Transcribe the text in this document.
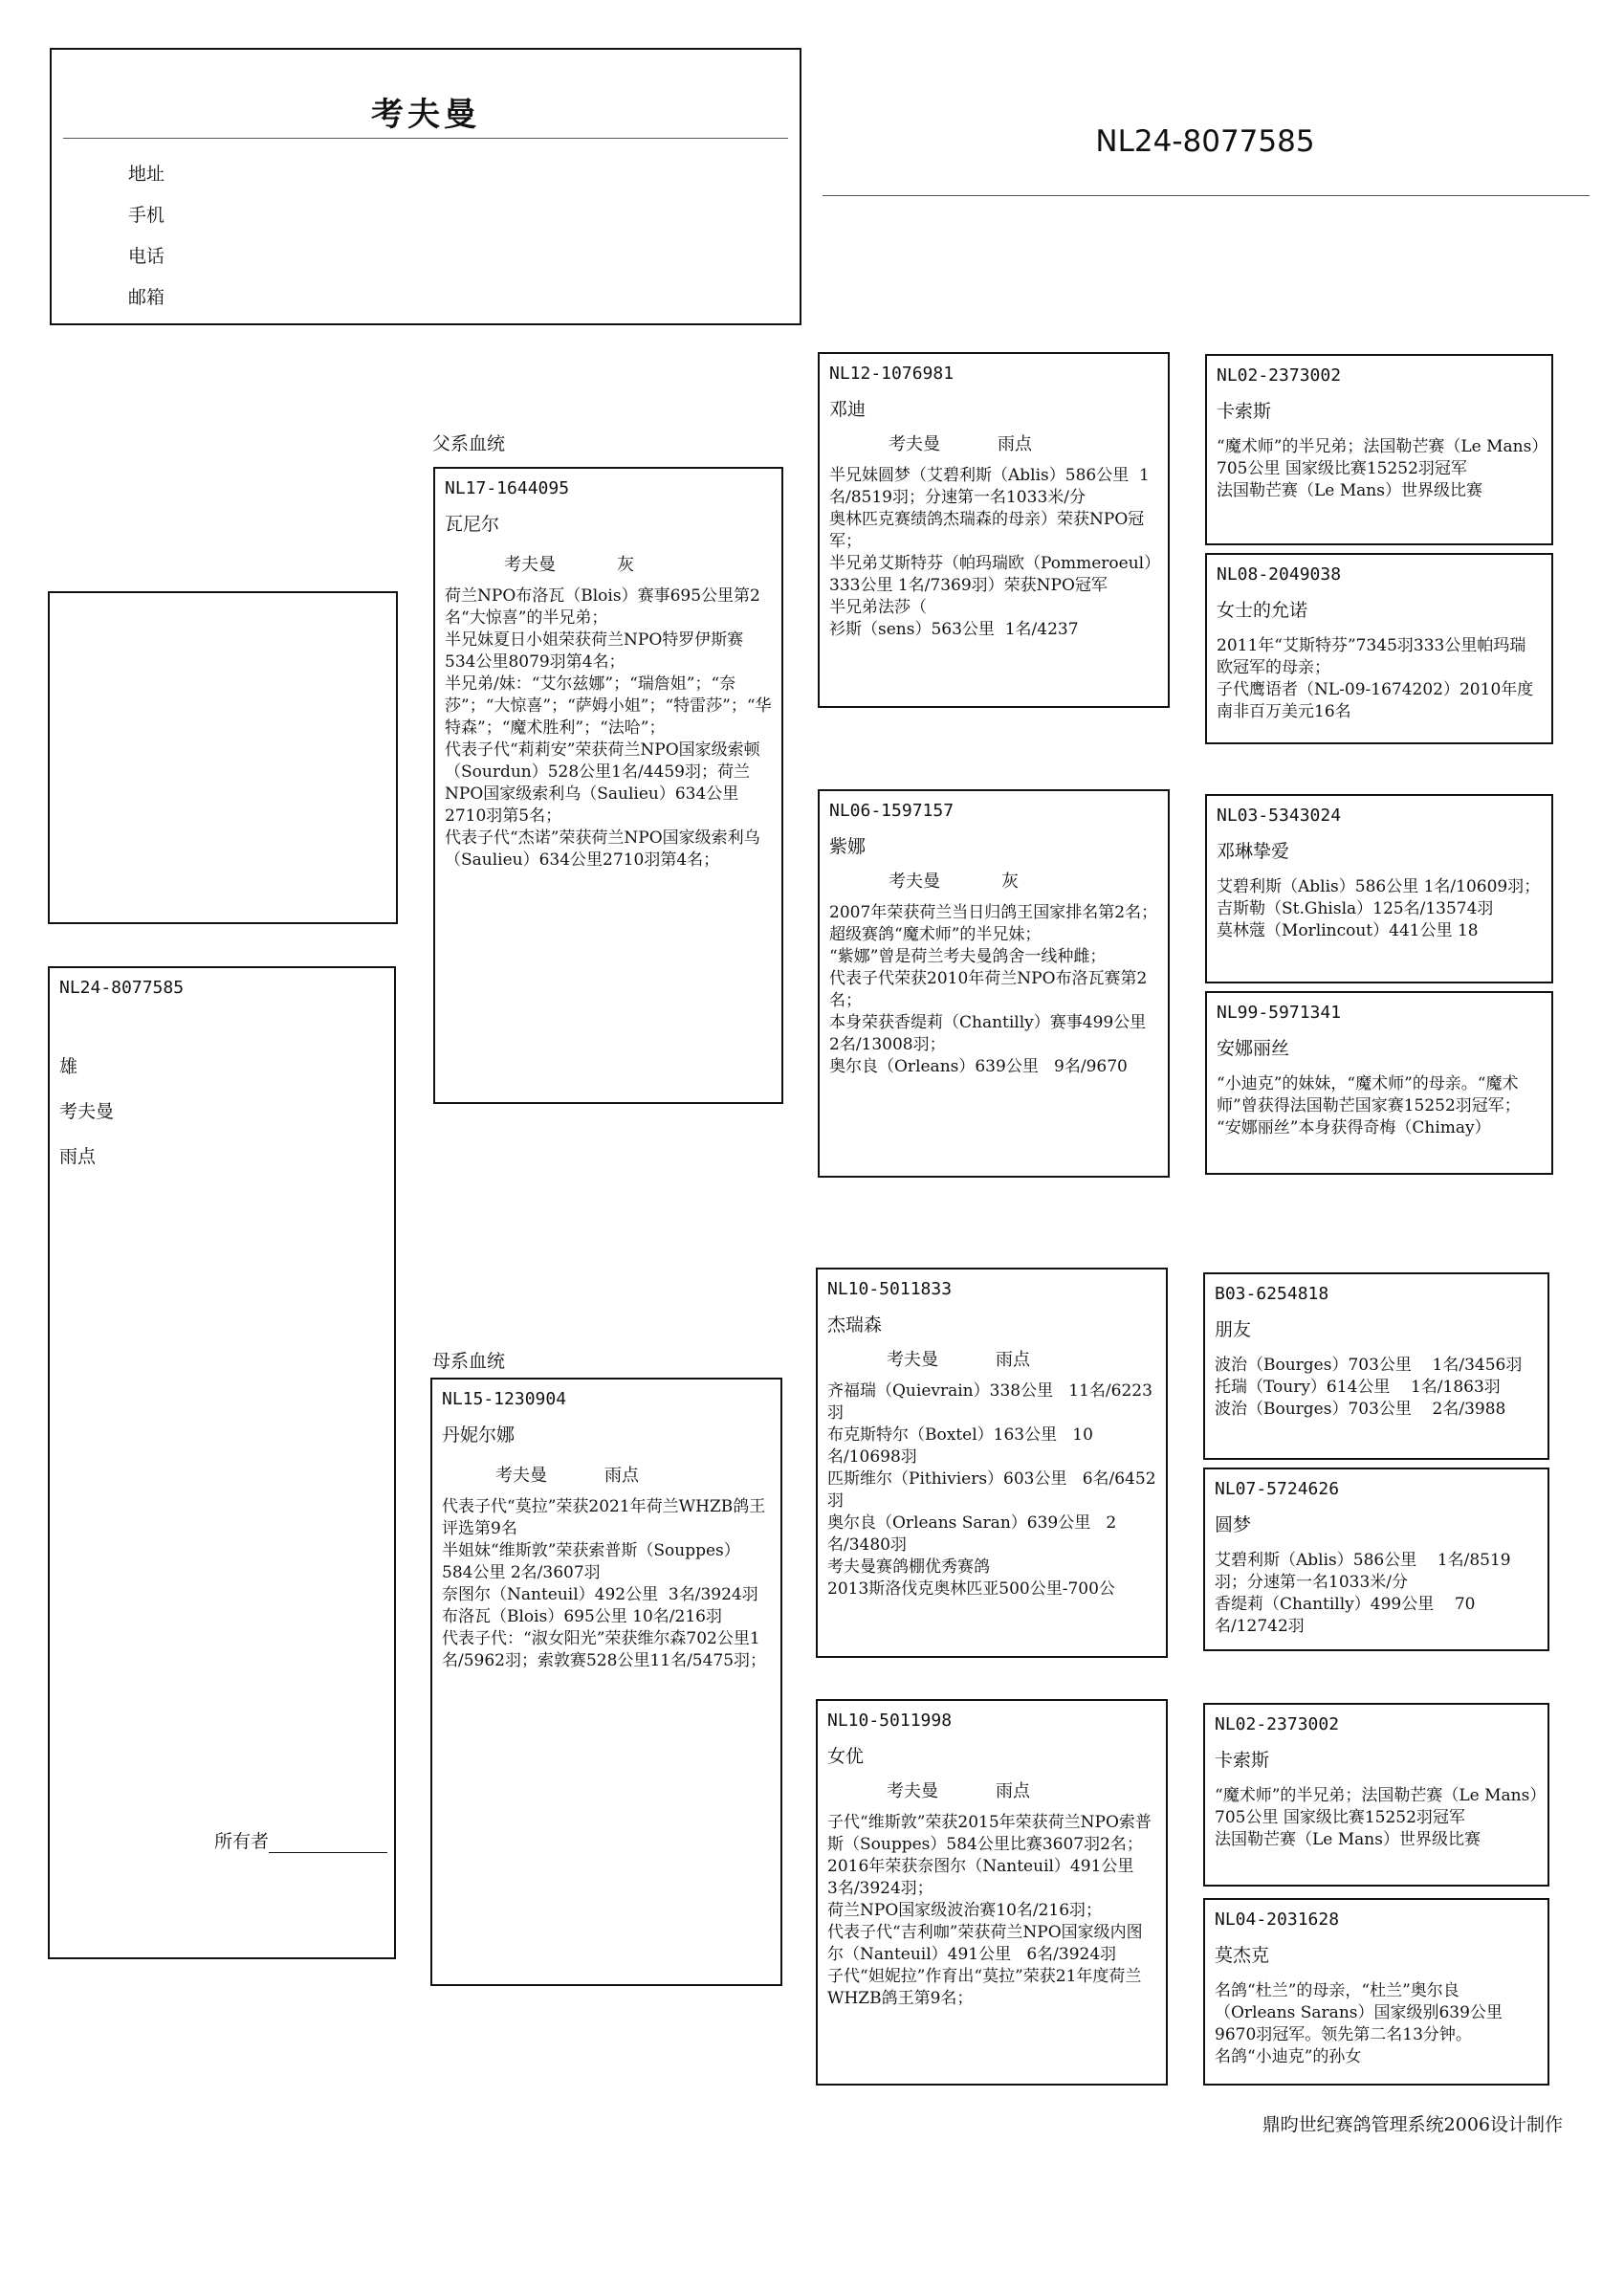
考夫曼
地址
手机
电话
邮箱
NL24-8077585
NL24-8077585
雄
考夫曼
雨点
所有者
父系血统
母系血统
NL17-1644095
瓦尼尔
考夫曼	灰

荷兰NPO布洛瓦（Blois）赛事695公里第2名“大惊喜”的半兄弟；
半兄妹夏日小姐荣获荷兰NPO特罗伊斯赛534公里8079羽第4名；
半兄弟/妹：“艾尔兹娜”；“瑞詹姐”；“奈莎”；“大惊喜”；“萨姆小姐”；“特雷莎”；“华特森”；“魔术胜利”；“法哈”；
代表子代“莉莉安”荣获荷兰NPO国家级索顿（Sourdun）528公里1名/4459羽；荷兰NPO国家级索利乌（Saulieu）634公里2710羽第5名；
代表子代“杰诺”荣获荷兰NPO国家级索利乌（Saulieu）634公里2710羽第4名；

NL15-1230904
丹妮尔娜
考夫曼	雨点

代表子代“莫拉”荣获2021年荷兰WHZB鸽王评选第9名
半姐妹“维斯敦”荣获索普斯（Souppes）584公里 2名/3607羽
奈图尔（Nanteuil）492公里  3名/3924羽
布洛瓦（Blois）695公里 10名/216羽
代表子代：“淑女阳光”荣获维尔森702公里1名/5962羽；索敦赛528公里11名/5475羽；

NL12-1076981
邓迪
考夫曼	雨点

半兄妹圆梦（艾碧利斯（Ablis）586公里  1名/8519羽；分速第一名1033米/分
奥林匹克赛绩鸽杰瑞森的母亲）荣获NPO冠军；
半兄弟艾斯特芬（帕玛瑞欧（Pommeroeul）333公里 1名/7369羽）荣获NPO冠军
半兄弟法莎（
衫斯（sens）563公里  1名/4237

NL06-1597157
紫娜
考夫曼	灰

2007年荣获荷兰当日归鸽王国家排名第2名；
超级赛鸽“魔术师”的半兄妹；
“紫娜”曾是荷兰考夫曼鸽舍一线种雌；
代表子代荣获2010年荷兰NPO布洛瓦赛第2名；
本身荣获香缇莉（Chantilly）赛事499公里 2名/13008羽；
奥尔良（Orleans）639公里   9名/9670

NL10-5011833
杰瑞森
考夫曼	雨点

齐福瑞（Quievrain）338公里   11名/6223羽
布克斯特尔（Boxtel）163公里   10名/10698羽
匹斯维尔（Pithiviers）603公里   6名/6452羽
奥尔良（Orleans Saran）639公里   2名/3480羽
考夫曼赛鸽棚优秀赛鸽
2013斯洛伐克奥林匹亚500公里-700公

NL10-5011998
女优
考夫曼	雨点

子代“维斯敦”荣获2015年荣获荷兰NPO索普斯（Souppes）584公里比赛3607羽2名；2016年荣获奈图尔（Nanteuil）491公里   3名/3924羽；
荷兰NPO国家级波治赛10名/216羽；
代表子代“吉利咖”荣获荷兰NPO国家级内图尔（Nanteuil）491公里   6名/3924羽
子代“妲妮拉”作育出“莫拉”荣获21年度荷兰WHZB鸽王第9名；

NL02-2373002
卡索斯

“魔术师”的半兄弟；法国勒芒赛（Le Mans）705公里 国家级比赛15252羽冠军
法国勒芒赛（Le Mans）世界级比赛

NL08-2049038
女士的允诺

2011年“艾斯特芬”7345羽333公里帕玛瑞欧冠军的母亲；
子代鹰语者（NL-09-1674202）2010年度南非百万美元16名

NL03-5343024
邓琳挚爱

艾碧利斯（Ablis）586公里 1名/10609羽；
吉斯勒（St.Ghisla）125名/13574羽
莫林蔻（Morlincout）441公里 18

NL99-5971341
安娜丽丝

“小迪克”的妹妹，“魔术师”的母亲。“魔术师”曾获得法国勒芒国家赛15252羽冠军；
“安娜丽丝”本身获得奇梅（Chimay）

B03-6254818
朋友

波治（Bourges）703公里    1名/3456羽
托瑞（Toury）614公里    1名/1863羽
波治（Bourges）703公里    2名/3988

NL07-5724626
圆梦

艾碧利斯（Ablis）586公里    1名/8519羽；分速第一名1033米/分
香缇莉（Chantilly）499公里    70名/12742羽

NL02-2373002
卡索斯

“魔术师”的半兄弟；法国勒芒赛（Le Mans）705公里 国家级比赛15252羽冠军
法国勒芒赛（Le Mans）世界级比赛

NL04-2031628
莫杰克

名鸽“杜兰”的母亲，“杜兰”奥尔良（Orleans Sarans）国家级别639公里9670羽冠军。领先第二名13分钟。
名鸽“小迪克”的孙女

鼎昀世纪赛鸽管理系统2006设计制作
